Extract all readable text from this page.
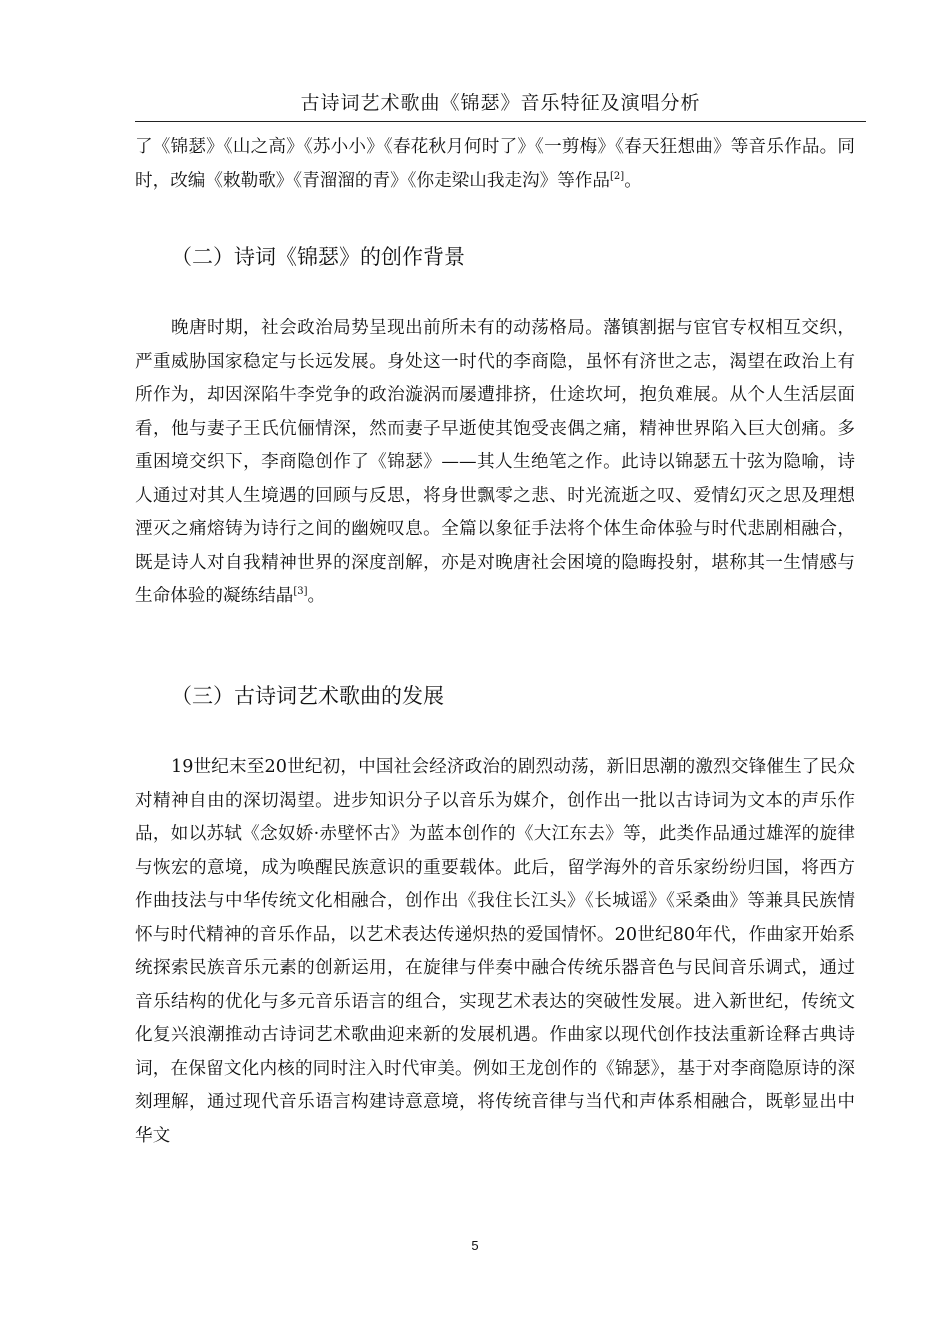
古诗词艺术歌曲《锦瑟》音乐特征及演唱分析

了《锦瑟》《山之高》《苏小小》《春花秋月何时了》《一剪梅》《春天狂想曲》等音乐作品。同时，改编《敕勒歌》《青溜溜的青》《你走梁山我走沟》等作品[2]。

（二）诗词《锦瑟》的创作背景

晚唐时期，社会政治局势呈现出前所未有的动荡格局。藩镇割据与宦官专权相互交织，严重威胁国家稳定与长远发展。身处这一时代的李商隐，虽怀有济世之志，渴望在政治上有所作为，却因深陷牛李党争的政治漩涡而屡遭排挤，仕途坎坷，抱负难展。从个人生活层面看，他与妻子王氏伉俪情深，然而妻子早逝使其饱受丧偶之痛，精神世界陷入巨大创痛。多重困境交织下，李商隐创作了《锦瑟》——其人生绝笔之作。此诗以锦瑟五十弦为隐喻，诗人通过对其人生境遇的回顾与反思，将身世飘零之悲、时光流逝之叹、爱情幻灭之思及理想湮灭之痛熔铸为诗行之间的幽婉叹息。全篇以象征手法将个体生命体验与时代悲剧相融合，既是诗人对自我精神世界的深度剖解，亦是对晚唐社会困境的隐晦投射，堪称其一生情感与生命体验的凝练结晶[3]。

（三）古诗词艺术歌曲的发展

19世纪末至20世纪初，中国社会经济政治的剧烈动荡，新旧思潮的激烈交锋催生了民众对精神自由的深切渴望。进步知识分子以音乐为媒介，创作出一批以古诗词为文本的声乐作品，如以苏轼《念奴娇·赤壁怀古》为蓝本创作的《大江东去》等，此类作品通过雄浑的旋律与恢宏的意境，成为唤醒民族意识的重要载体。此后，留学海外的音乐家纷纷归国，将西方作曲技法与中华传统文化相融合，创作出《我住长江头》《长城谣》《采桑曲》等兼具民族情怀与时代精神的音乐作品，以艺术表达传递炽热的爱国情怀。20世纪80年代，作曲家开始系统探索民族音乐元素的创新运用，在旋律与伴奏中融合传统乐器音色与民间音乐调式，通过音乐结构的优化与多元音乐语言的组合，实现艺术表达的突破性发展。进入新世纪，传统文化复兴浪潮推动古诗词艺术歌曲迎来新的发展机遇。作曲家以现代创作技法重新诠释古典诗词，在保留文化内核的同时注入时代审美。例如王龙创作的《锦瑟》，基于对李商隐原诗的深刻理解，通过现代音乐语言构建诗意意境，将传统音律与当代和声体系相融合，既彰显出中华文

5
